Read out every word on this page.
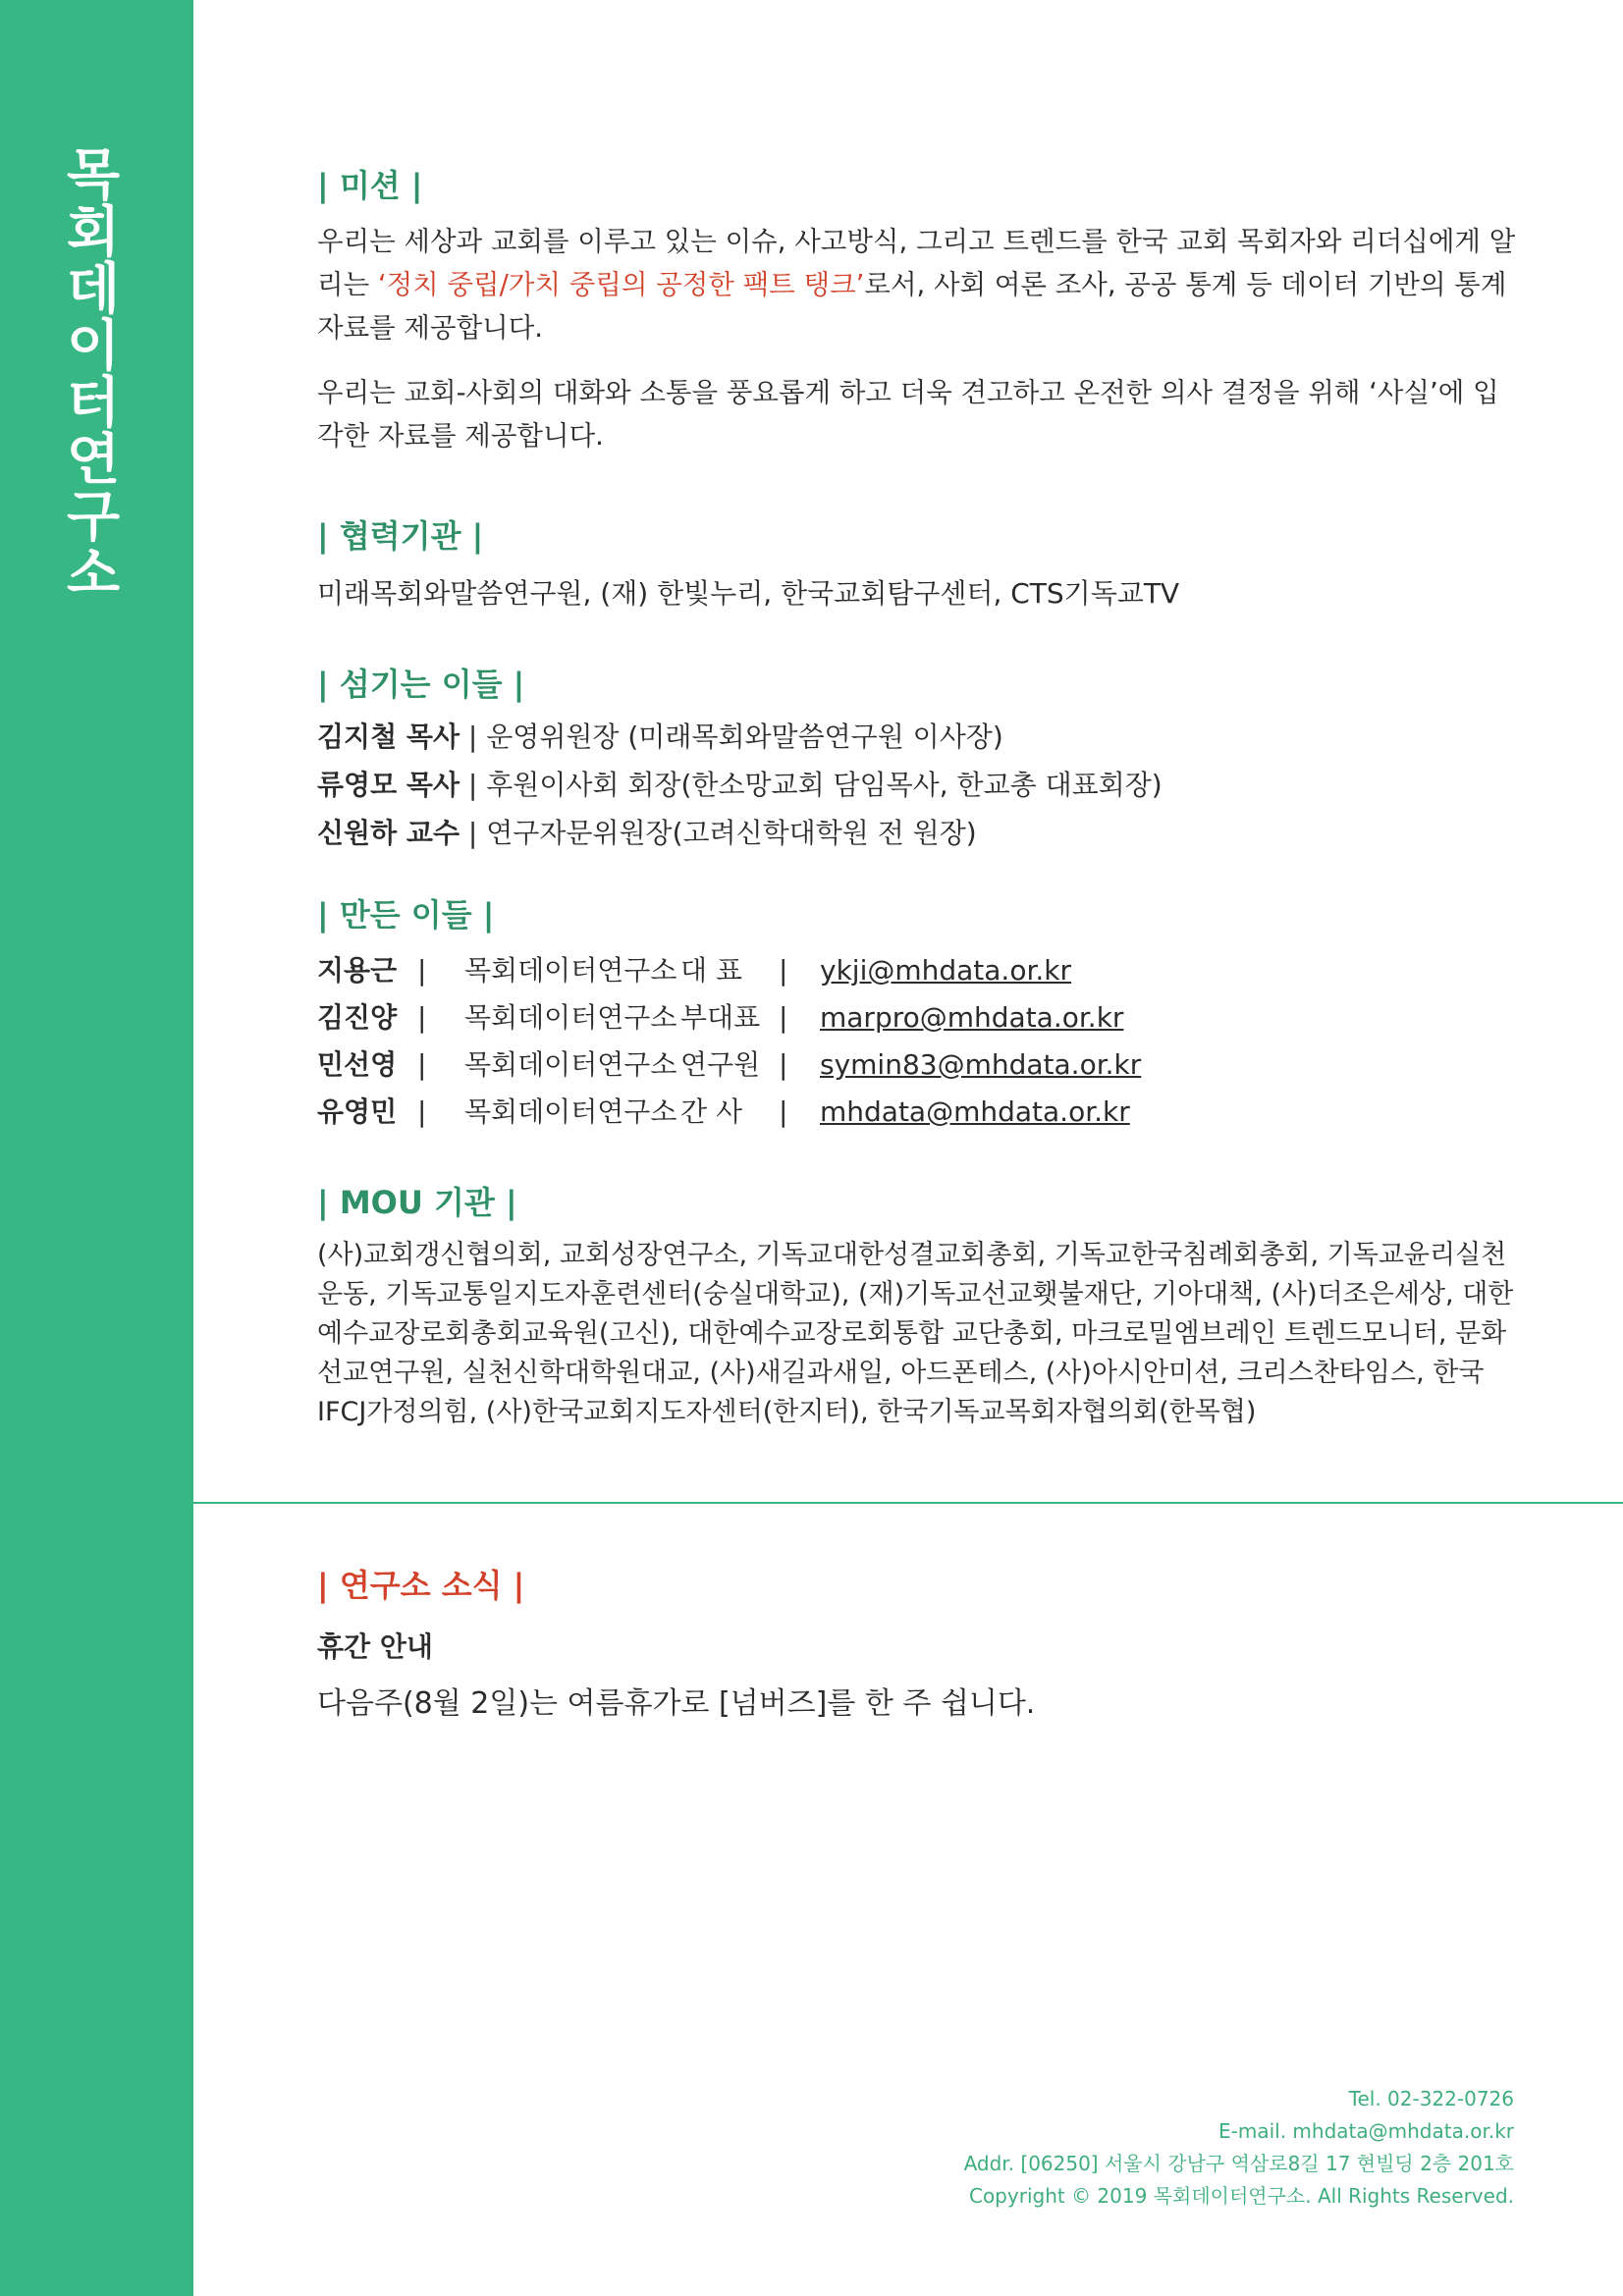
목회데이터연구소	| 미션 |
우리는 세상과 교회를 이루고 있는 이슈, 사고방식, 그리고 트렌드를 한국 교회 목회자와 리더십에게 알리는 ‘정치 중립/가치 중립의 공정한 팩트 탱크’로서, 사회 여론 조사, 공공 통계 등 데이터 기반의 통계 자료를 제공합니다.
우리는 교회-사회의 대화와 소통을 풍요롭게 하고 더욱 견고하고 온전한 의사 결정을 위해 ‘사실’에 입각한 자료를 제공합니다.
| 협력기관 |
미래목회와말씀연구원, (재) 한빛누리, 한국교회탐구센터, CTS기독교TV
| 섬기는 이들 |
김지철 목사 | 운영위원장 (미래목회와말씀연구원 이사장)
류영모 목사 | 후원이사회 회장(한소망교회 담임목사, 한교총 대표회장)
신원하 교수 | 연구자문위원장(고려신학대학원 전 원장)
| 만든 이들 |
지용근 | 목회데이터연구소 대 표 | ykji@mhdata.or.kr
김진양 | 목회데이터연구소 부대표 | marpro@mhdata.or.kr
민선영 | 목회데이터연구소 연구원 | symin83@mhdata.or.kr
유영민 | 목회데이터연구소 간 사 | mhdata@mhdata.or.kr
| MOU 기관 |
(사)교회갱신협의회, 교회성장연구소, 기독교대한성결교회총회, 기독교한국침례회총회, 기독교윤리실천운동, 기독교통일지도자훈련센터(숭실대학교), (재)기독교선교횃불재단, 기아대책, (사)더조은세상, 대한예수교장로회총회교육원(고신), 대한예수교장로회통합 교단총회, 마크로밀엠브레인 트렌드모니터, 문화선교연구원, 실천신학대학원대교, (사)새길과새일, 아드폰테스, (사)아시안미션, 크리스찬타임스, 한국IFCJ가정의힘, (사)한국교회지도자센터(한지터), 한국기독교목회자협의회(한목협)
| 연구소 소식 |
휴간 안내
다음주(8월 2일)는 여름휴가로 [넘버즈]를 한 주 쉽니다.
Tel. 02-322-0726
E-mail. mhdata@mhdata.or.kr
Addr. [06250] 서울시 강남구 역삼로8길 17 현빌딩 2층 201호
Copyright © 2019 목회데이터연구소. All Rights Reserved.
